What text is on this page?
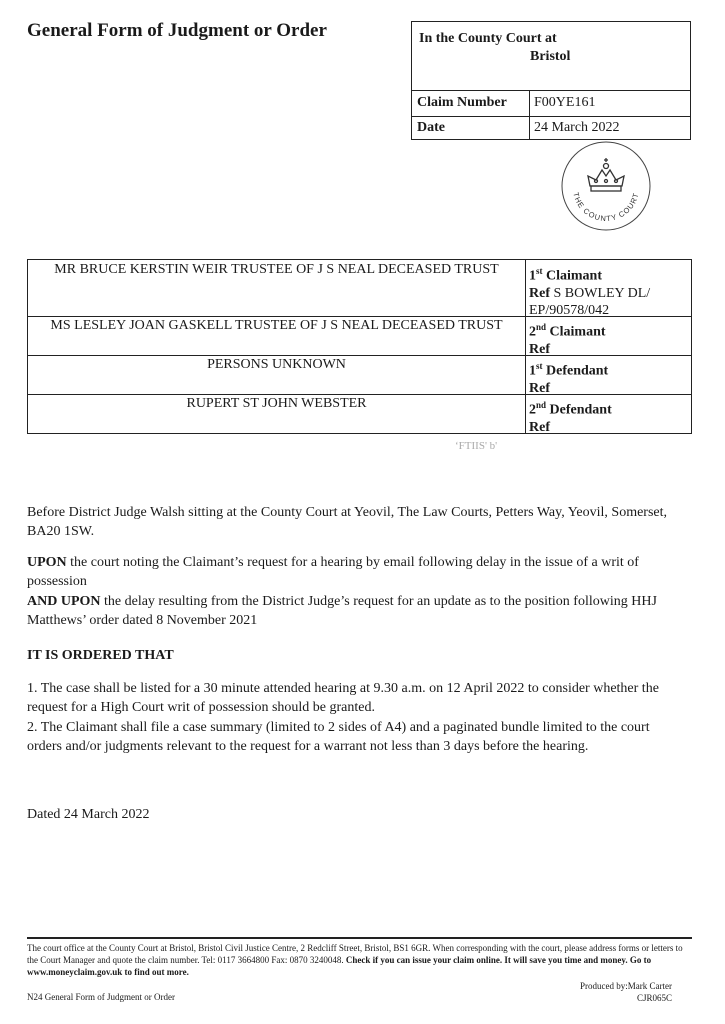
General Form of Judgment or Order	In the County Court at
Bristol
Claim Number F00YE161
Date	24 March 2022
THE COUNTY COURT
MR BRUCE KERSTIN WEIR TRUSTEE OF J S NEAL DECEASED TRUST	1st Claimant
Ref S BOWLEY DL/
EP/90578/042
MS LESLEY JOAN GASKELL TRUSTEE OF J S NEAL DECEASED TRUST	2nd Claimant
Ref
PERSONS UNKNOWN	1st Defendant
Ref
RUPERT ST JOHN WEBSTER	2nd Defendant
Ref
ʻFTIIS' b'
Before District Judge Walsh sitting at the County Court at Yeovil, The Law Courts, Petters Way, Yeovil, Somerset, BA20 1SW.
UPON the court noting the Claimant’s request for a hearing by email following delay in the issue of a writ of possession
AND UPON the delay resulting from the District Judge’s request for an update as to the position following HHJ Matthews’ order dated 8 November 2021
IT IS ORDERED THAT
1. The case shall be listed for a 30 minute attended hearing at 9.30 a.m. on 12 April 2022 to consider whether the request for a High Court writ of possession should be granted.
2. The Claimant shall file a case summary (limited to 2 sides of A4) and a paginated bundle limited to the court orders and/or judgments relevant to the request for a warrant not less than 3 days before the hearing.
Dated 24 March 2022
The court office at the County Court at Bristol, Bristol Civil Justice Centre, 2 Redcliff Street, Bristol, BS1 6GR. When corresponding with the court, please address forms or letters to the Court Manager and quote the claim number. Tel: 0117 3664800 Fax: 0870 3240048. Check if you can issue your claim online. It will save you time and money. Go to www.moneyclaim.gov.uk to find out more.
N24 General Form of Judgment or Order
Produced by:Mark Carter
CJR065C
